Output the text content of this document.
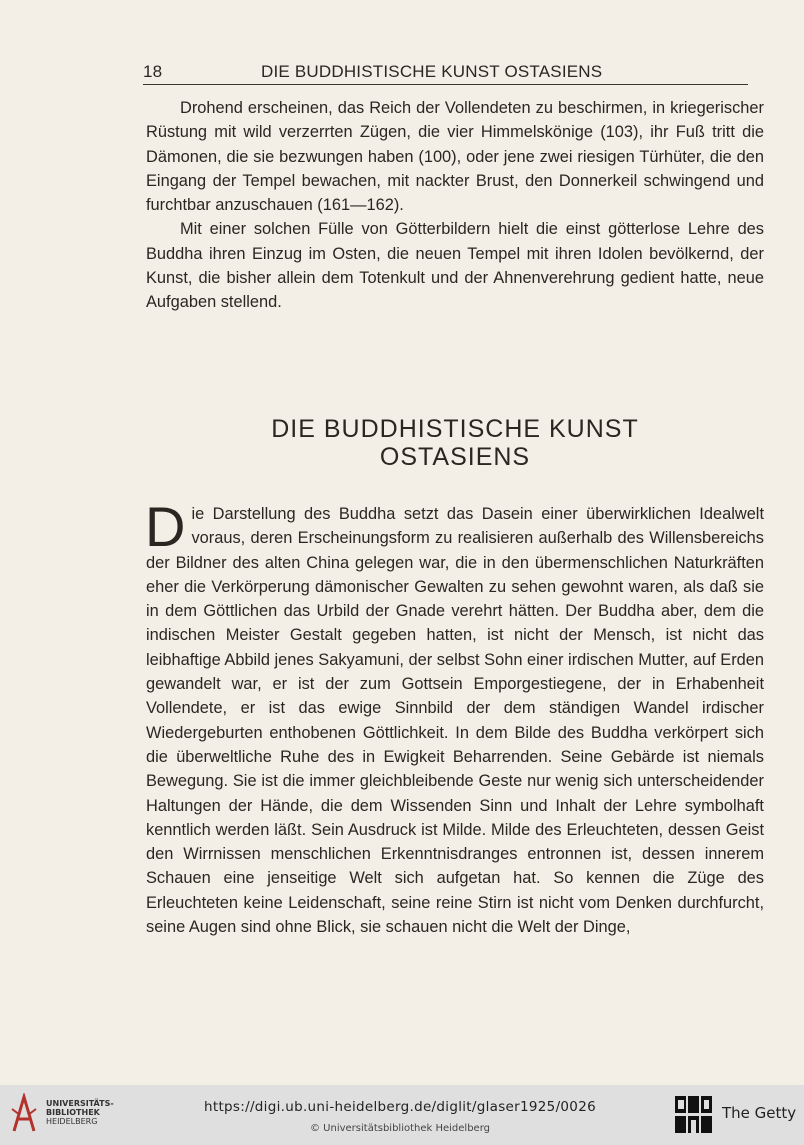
18	DIE BUDDHISTISCHE KUNST OSTASIENS

Drohend erscheinen, das Reich der Vollendeten zu beschirmen, in kriegerischer Rüstung mit wild verzerrten Zügen, die vier Himmelskönige (103), ihr Fuß tritt die Dämonen, die sie bezwungen haben (100), oder jene zwei riesigen Türhüter, die den Eingang der Tempel bewachen, mit nackter Brust, den Donnerkeil schwingend und furchtbar anzuschauen (161—162).

Mit einer solchen Fülle von Götterbildern hielt die einst götterlose Lehre des Buddha ihren Einzug im Osten, die neuen Tempel mit ihren Idolen bevölkernd, der Kunst, die bisher allein dem Totenkult und der Ahnenverehrung gedient hatte, neue Aufgaben stellend.

DIE BUDDHISTISCHE KUNST
OSTASIENS

Die Darstellung des Buddha setzt das Dasein einer überwirklichen Idealwelt voraus, deren Erscheinungsform zu realisieren außerhalb des Willensbereichs der Bildner des alten China gelegen war, die in den übermenschlichen Naturkräften eher die Verkörperung dämonischer Gewalten zu sehen gewohnt waren, als daß sie in dem Göttlichen das Urbild der Gnade verehrt hätten. Der Buddha aber, dem die indischen Meister Gestalt gegeben hatten, ist nicht der Mensch, ist nicht das leibhaftige Abbild jenes Sakyamuni, der selbst Sohn einer irdischen Mutter, auf Erden gewandelt war, er ist der zum Gottsein Emporgestiegene, der in Erhabenheit Vollendete, er ist das ewige Sinnbild der dem ständigen Wandel irdischer Wiedergeburten enthobenen Göttlichkeit. In dem Bilde des Buddha verkörpert sich die überweltliche Ruhe des in Ewigkeit Beharrenden. Seine Gebärde ist niemals Bewegung. Sie ist die immer gleichbleibende Geste nur wenig sich unterscheidender Haltungen der Hände, die dem Wissenden Sinn und Inhalt der Lehre symbolhaft kenntlich werden läßt. Sein Ausdruck ist Milde. Milde des Erleuchteten, dessen Geist den Wirrnissen menschlichen Erkenntnisdranges entronnen ist, dessen innerem Schauen eine jenseitige Welt sich aufgetan hat. So kennen die Züge des Erleuchteten keine Leidenschaft, seine reine Stirn ist nicht vom Denken durchfurcht, seine Augen sind ohne Blick, sie schauen nicht die Welt der Dinge,

UNIVERSITÄTS-
BIBLIOTHEK
HEIDELBERG
https://digi.ub.uni-heidelberg.de/diglit/glaser1925/0026
© Universitätsbibliothek Heidelberg
The Getty
